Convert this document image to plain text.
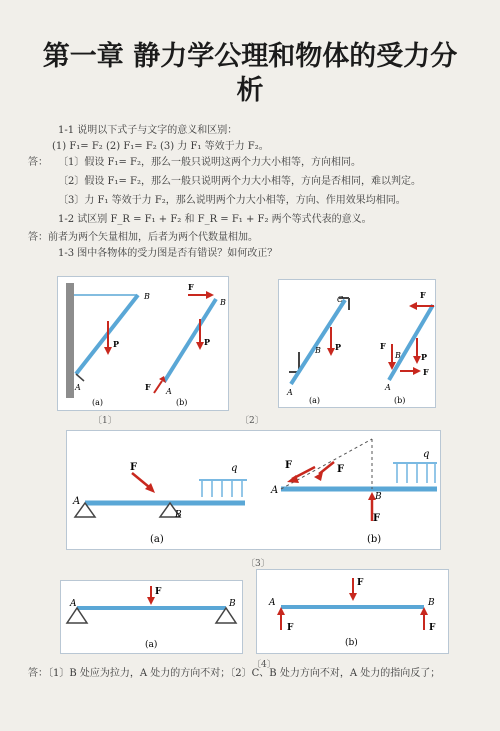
第一章 静力学公理和物体的受力分
析
1-1 说明以下式子与文字的意义和区别：
(1) F₁= F₂ (2) F₁= F₂ (3) 力 F₁ 等效于力 F₂。
答： 〔1〕假设 F₁= F₂，那么一般只说明这两个力大小相等，方向相同。
〔2〕假设 F₁= F₂，那么一般只说明两个力大小相等，方向是否相同，难以判定。
〔3〕力 F₁ 等效于力 F₂，那么说明两个力大小相等，方向、作用效果均相同。
1-2 试区别 F_R = F₁ + F₂ 和 F_R = F₁ + F₂ 两个等式代表的意义。
答：前者为两个矢量相加，后者为两个代数量相加。
1-3 图中各物体的受力图是否有错误？如何改正？
P
B
A
P
B
A
F
F
(a)	(b)
P
C
B
A
F
F
P
F
B
A
(a)	(b)
〔1〕	〔2〕
F
A
B
q	F	F
F
A
B
q
(a)	(b)
〔3〕
F
A	B
(a)
F
F	F
A	B
(b)
〔4〕
答：〔1〕B 处应为拉力，A 处力的方向不对；〔2〕C、B 处力方向不对，A 处力的指向反了；
